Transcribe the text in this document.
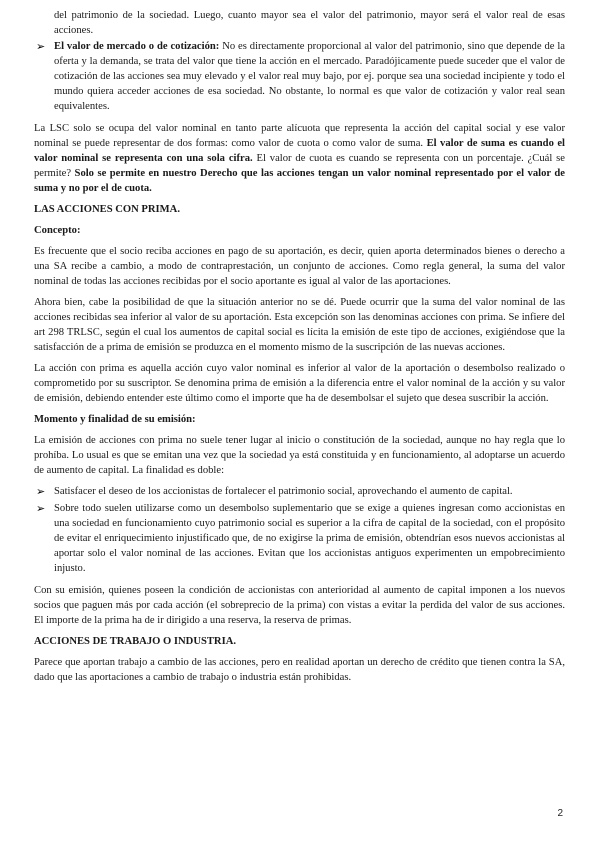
del patrimonio de la sociedad. Luego, cuanto mayor sea el valor del patrimonio, mayor será el valor real de esas acciones.

➢ El valor de mercado o de cotización: No es directamente proporcional al valor del patrimonio, sino que depende de la oferta y la demanda, se trata del valor que tiene la acción en el mercado. Paradójicamente puede suceder que el valor de cotización de las acciones sea muy elevado y el valor real muy bajo, por ej. porque sea una sociedad incipiente y todo el mundo quiera acceder acciones de esa sociedad. No obstante, lo normal es que valor de cotización y valor real sean equivalentes.

La LSC solo se ocupa del valor nominal en tanto parte alícuota que representa la acción del capital social y ese valor nominal se puede representar de dos formas: como valor de cuota o como valor de suma. El valor de suma es cuando el valor nominal se representa con una sola cifra. El valor de cuota es cuando se representa con un porcentaje. ¿Cuál se permite? Solo se permite en nuestro Derecho que las acciones tengan un valor nominal representado por el valor de suma y no por el de cuota.

LAS ACCIONES CON PRIMA.
Concepto:

Es frecuente que el socio reciba acciones en pago de su aportación, es decir, quien aporta determinados bienes o derecho a una SA recibe a cambio, a modo de contraprestación, un conjunto de acciones. Como regla general, la suma del valor nominal de todas las acciones recibidas por el socio aportante es igual al valor de las aportaciones.

Ahora bien, cabe la posibilidad de que la situación anterior no se dé. Puede ocurrir que la suma del valor nominal de las acciones recibidas sea inferior al valor de su aportación. Esta excepción son las denominas acciones con prima. Se infiere del art 298 TRLSC, según el cual los aumentos de capital social es lícita la emisión de este tipo de acciones, exigiéndose que la satisfacción de a prima de emisión se produzca en el momento mismo de la suscripción de las nuevas acciones.

La acción con prima es aquella acción cuyo valor nominal es inferior al valor de la aportación o desembolso realizado o comprometido por su suscriptor. Se denomina prima de emisión a la diferencia entre el valor nominal de la acción y su valor de emisión, debiendo entender este último como el importe que ha de desembolsar el sujeto que desea suscribir la acción.

Momento y finalidad de su emisión:

La emisión de acciones con prima no suele tener lugar al inicio o constitución de la sociedad, aunque no hay regla que lo prohíba. Lo usual es que se emitan una vez que la sociedad ya está constituida y en funcionamiento, al adoptarse un acuerdo de aumento de capital. La finalidad es doble:

➢ Satisfacer el deseo de los accionistas de fortalecer el patrimonio social, aprovechando el aumento de capital.
➢ Sobre todo suelen utilizarse como un desembolso suplementario que se exige a quienes ingresan como accionistas en una sociedad en funcionamiento cuyo patrimonio social es superior a la cifra de capital de la sociedad, con el propósito de evitar el enriquecimiento injustificado que, de no exigirse la prima de emisión, obtendrían esos nuevos accionistas al aportar solo el valor nominal de las acciones. Evitan que los accionistas antiguos experimenten un empobrecimiento injusto.

Con su emisión, quienes poseen la condición de accionistas con anterioridad al aumento de capital imponen a los nuevos socios que paguen más por cada acción (el sobreprecio de la prima) con vistas a evitar la perdida del valor de sus acciones. El importe de la prima ha de ir dirigido a una reserva, la reserva de primas.

ACCIONES DE TRABAJO O INDUSTRIA.

Parece que aportan trabajo a cambio de las acciones, pero en realidad aportan un derecho de crédito que tienen contra la SA, dado que las aportaciones a cambio de trabajo o industria están prohibidas.

2
